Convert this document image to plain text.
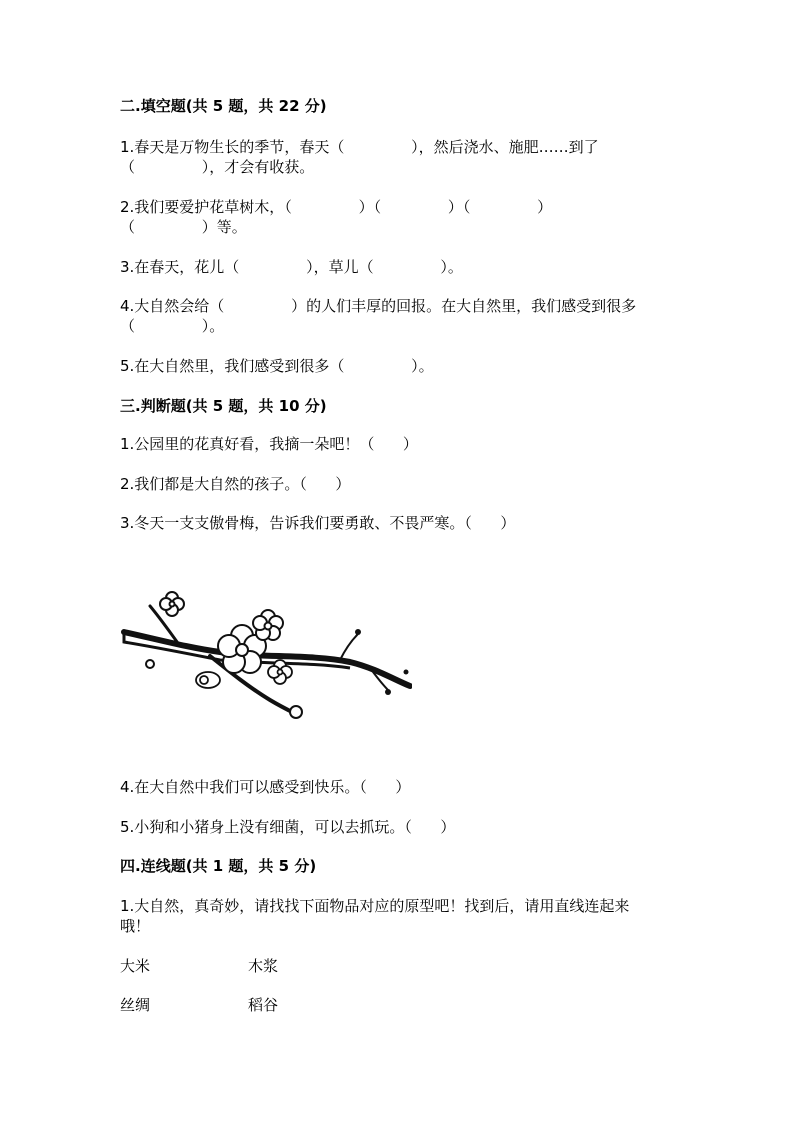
二.填空题(共 5 题，共 22 分)
1.春天是万物生长的季节，春天（              ），然后浇水、施肥……到了
（              ），才会有收获。
2.我们要爱护花草树木，（              ）（              ）（              ）
（              ）等。
3.在春天，花儿（              ），草儿（              ）。
4.大自然会给（              ）的人们丰厚的回报。在大自然里，我们感受到很多
（              ）。
5.在大自然里，我们感受到很多（              ）。
三.判断题(共 5 题，共 10 分)
1.公园里的花真好看，我摘一朵吧！（      ）
2.我们都是大自然的孩子。（      ）
3.冬天一支支傲骨梅，告诉我们要勇敢、不畏严寒。（      ）
4.在大自然中我们可以感受到快乐。（      ）
5.小狗和小猪身上没有细菌，可以去抓玩。（      ）
四.连线题(共 1 题，共 5 分)
1.大自然，真奇妙，请找找下面物品对应的原型吧！找到后，请用直线连起来
哦！
大米	木浆
丝绸	稻谷
